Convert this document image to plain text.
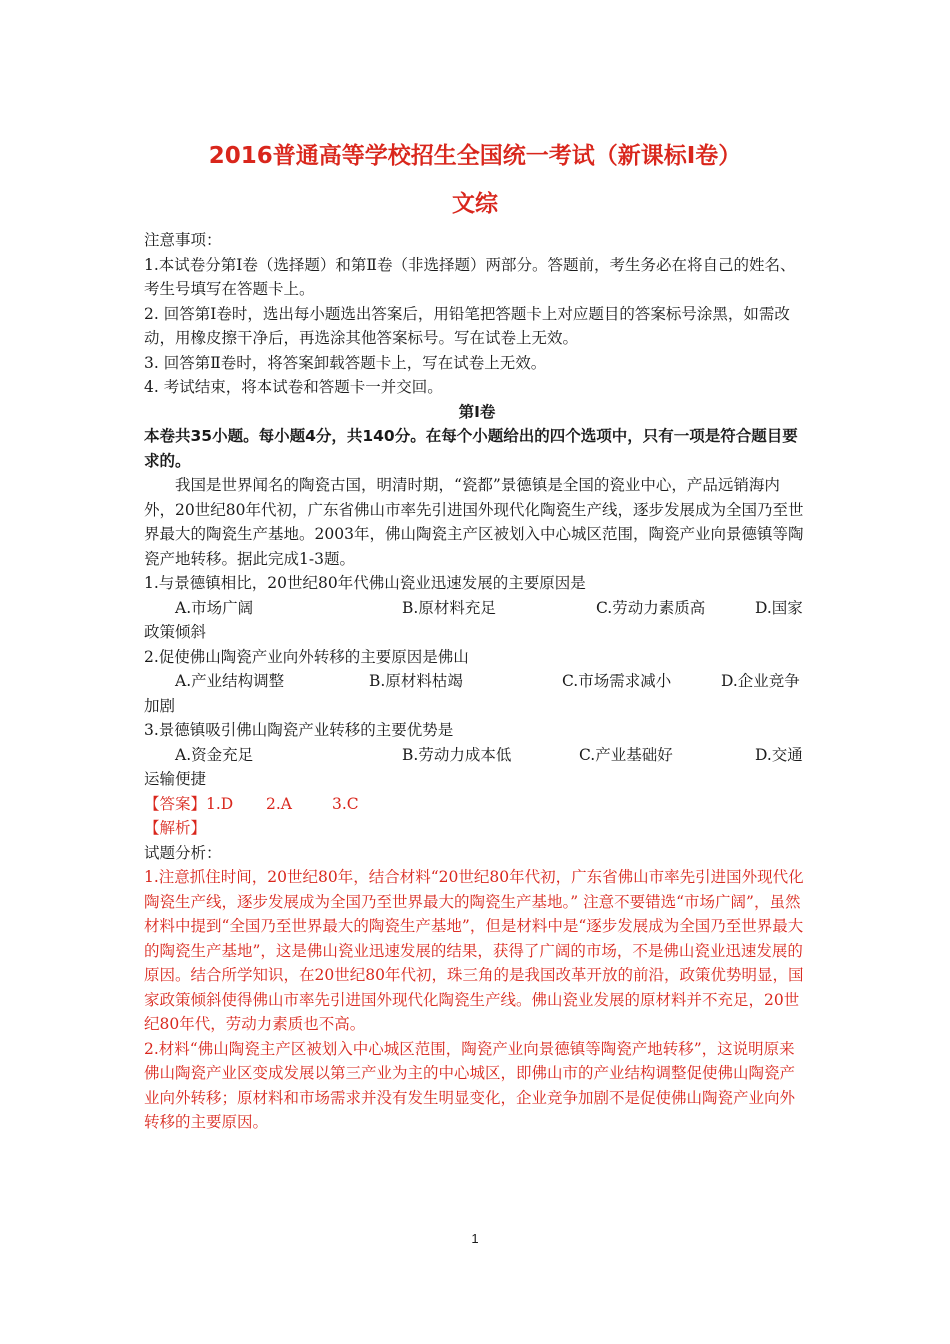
2016普通高等学校招生全国统一考试（新课标Ⅰ卷）
文综
注意事项：
1.本试卷分第Ⅰ卷（选择题）和第Ⅱ卷（非选择题）两部分。答题前，考生务必在将自己的姓名、考生号填写在答题卡上。
2. 回答第Ⅰ卷时，选出每小题选出答案后，用铅笔把答题卡上对应题目的答案标号涂黑，如需改动，用橡皮擦干净后，再选涂其他答案标号。写在试卷上无效。
3. 回答第Ⅱ卷时，将答案卸载答题卡上，写在试卷上无效。
4. 考试结束，将本试卷和答题卡一并交回。
第Ⅰ卷
本卷共35小题。每小题4分，共140分。在每个小题给出的四个选项中，只有一项是符合题目要求的。
我国是世界闻名的陶瓷古国，明清时期，“瓷都”景德镇是全国的瓷业中心，产品远销海内外，20世纪80年代初，广东省佛山市率先引进国外现代化陶瓷生产线，逐步发展成为全国乃至世界最大的陶瓷生产基地。2003年，佛山陶瓷主产区被划入中心城区范围，陶瓷产业向景德镇等陶瓷产地转移。据此完成1-3题。
1.与景德镇相比，20世纪80年代佛山瓷业迅速发展的主要原因是
A.市场广阔	B.原材料充足	C.劳动力素质高	D.国家
政策倾斜
2.促使佛山陶瓷产业向外转移的主要原因是佛山
A.产业结构调整	B.原材料枯竭	C.市场需求减小	D.企业竞争
加剧
3.景德镇吸引佛山陶瓷产业转移的主要优势是
A.资金充足	B.劳动力成本低	C.产业基础好	D.交通
运输便捷
【答案】1.D 2.A	3.C
【解析】
试题分析：
1.注意抓住时间，20世纪80年，结合材料“20世纪80年代初，广东省佛山市率先引进国外现代化陶瓷生产线，逐步发展成为全国乃至世界最大的陶瓷生产基地。” 注意不要错选“市场广阔”，虽然材料中提到“全国乃至世界最大的陶瓷生产基地”，但是材料中是“逐步发展成为全国乃至世界最大的陶瓷生产基地”，这是佛山瓷业迅速发展的结果，获得了广阔的市场，不是佛山瓷业迅速发展的原因。结合所学知识，在20世纪80年代初，珠三角的是我国改革开放的前沿，政策优势明显，国家政策倾斜使得佛山市率先引进国外现代化陶瓷生产线。佛山瓷业发展的原材料并不充足，20世纪80年代，劳动力素质也不高。
2.材料“佛山陶瓷主产区被划入中心城区范围，陶瓷产业向景德镇等陶瓷产地转移”，这说明原来佛山陶瓷产业区变成发展以第三产业为主的中心城区，即佛山市的产业结构调整促使佛山陶瓷产业向外转移；原材料和市场需求并没有发生明显变化，企业竞争加剧不是促使佛山陶瓷产业向外转移的主要原因。
1
